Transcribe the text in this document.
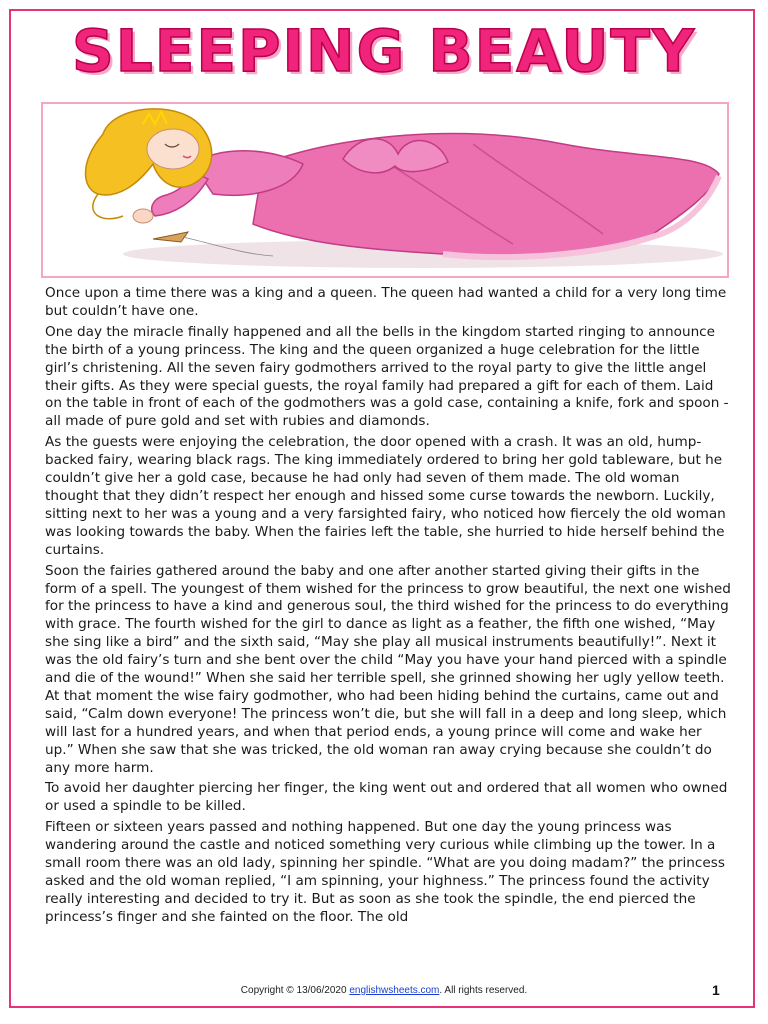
SLEEPING BEAUTY

Once upon a time there was a king and a queen. The queen had wanted a child for a very long time but couldn’t have one.

One day the miracle finally happened and all the bells in the kingdom started ringing to announce the birth of a young princess. The king and the queen organized a huge celebration for the little girl’s christening. All the seven fairy godmothers arrived to the royal party to give the little angel their gifts. As they were special guests, the royal family had prepared a gift for each of them. Laid on the table in front of each of the godmothers was a gold case, containing a knife, fork and spoon - all made of pure gold and set with rubies and diamonds.

As the guests were enjoying the celebration, the door opened with a crash. It was an old, hump-backed fairy, wearing black rags. The king immediately ordered to bring her gold tableware, but he couldn’t give her a gold case, because he had only had seven of them made. The old woman thought that they didn’t respect her enough and hissed some curse towards the newborn. Luckily, sitting next to her was a young and a very farsighted fairy, who noticed how fiercely the old woman was looking towards the baby. When the fairies left the table, she hurried to hide herself behind the curtains.

Soon the fairies gathered around the baby and one after another started giving their gifts in the form of a spell. The youngest of them wished for the princess to grow beautiful, the next one wished for the princess to have a kind and generous soul, the third wished for the princess to do everything with grace. The fourth wished for the girl to dance as light as a feather, the fifth one wished, “May she sing like a bird” and the sixth said, “May she play all musical instruments beautifully!”. Next it was the old fairy’s turn and she bent over the child “May you have your hand pierced with a spindle and die of the wound!” When she said her terrible spell, she grinned showing her ugly yellow teeth. At that moment the wise fairy godmother, who had been hiding behind the curtains, came out and said, “Calm down everyone! The princess won’t die, but she will fall in a deep and long sleep, which will last for a hundred years, and when that period ends, a young prince will come and wake her up.” When she saw that she was tricked, the old woman ran away crying because she couldn’t do any more harm.

To avoid her daughter piercing her finger, the king went out and ordered that all women who owned or used a spindle to be killed.

Fifteen or sixteen years passed and nothing happened. But one day the young princess was wandering around the castle and noticed something very curious while climbing up the tower. In a small room there was an old lady, spinning her spindle. “What are you doing madam?” the princess asked and the old woman replied, “I am spinning, your highness.” The princess found the activity really interesting and decided to try it. But as soon as she took the spindle, the end pierced the princess’s finger and she fainted on the floor. The old

Copyright © 13/06/2020 englishwsheets.com. All rights reserved.	1
